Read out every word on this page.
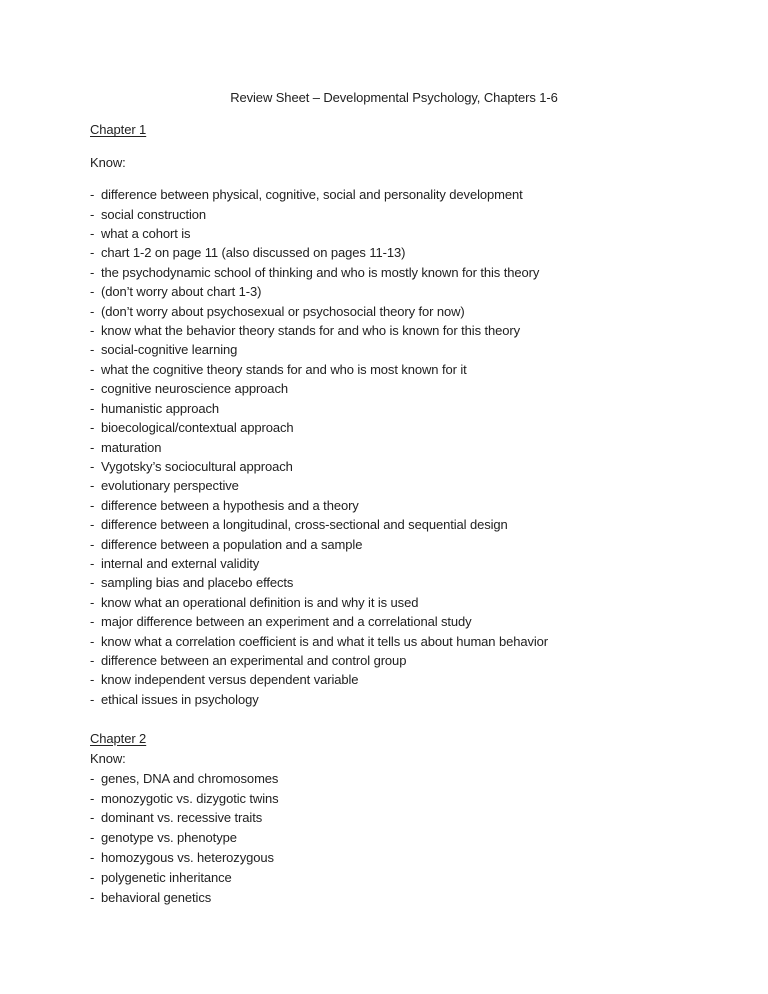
Review Sheet – Developmental Psychology, Chapters 1-6
Chapter 1
Know:
- difference between physical, cognitive, social and personality development
- social construction
- what a cohort is
- chart 1-2 on page 11 (also discussed on pages 11-13)
- the psychodynamic school of thinking and who is mostly known for this theory
- (don’t worry about chart 1-3)
- (don’t worry about psychosexual or psychosocial theory for now)
- know what the behavior theory stands for and who is known for this theory
- social-cognitive learning
- what the cognitive theory stands for and who is most known for it
- cognitive neuroscience approach
- humanistic approach
- bioecological/contextual approach
- maturation
- Vygotsky’s sociocultural approach
- evolutionary perspective
- difference between a hypothesis and a theory
- difference between a longitudinal, cross-sectional and sequential design
- difference between a population and a sample
- internal and external validity
- sampling bias and placebo effects
- know what an operational definition is and why it is used
- major difference between an experiment and a correlational study
- know what a correlation coefficient is and what it tells us about human behavior
- difference between an experimental and control group
- know independent versus dependent variable
- ethical issues in psychology
Chapter 2
Know:
- genes, DNA and chromosomes
- monozygotic vs. dizygotic twins
- dominant vs. recessive traits
- genotype vs. phenotype
- homozygous vs. heterozygous
- polygenetic inheritance
- behavioral genetics
